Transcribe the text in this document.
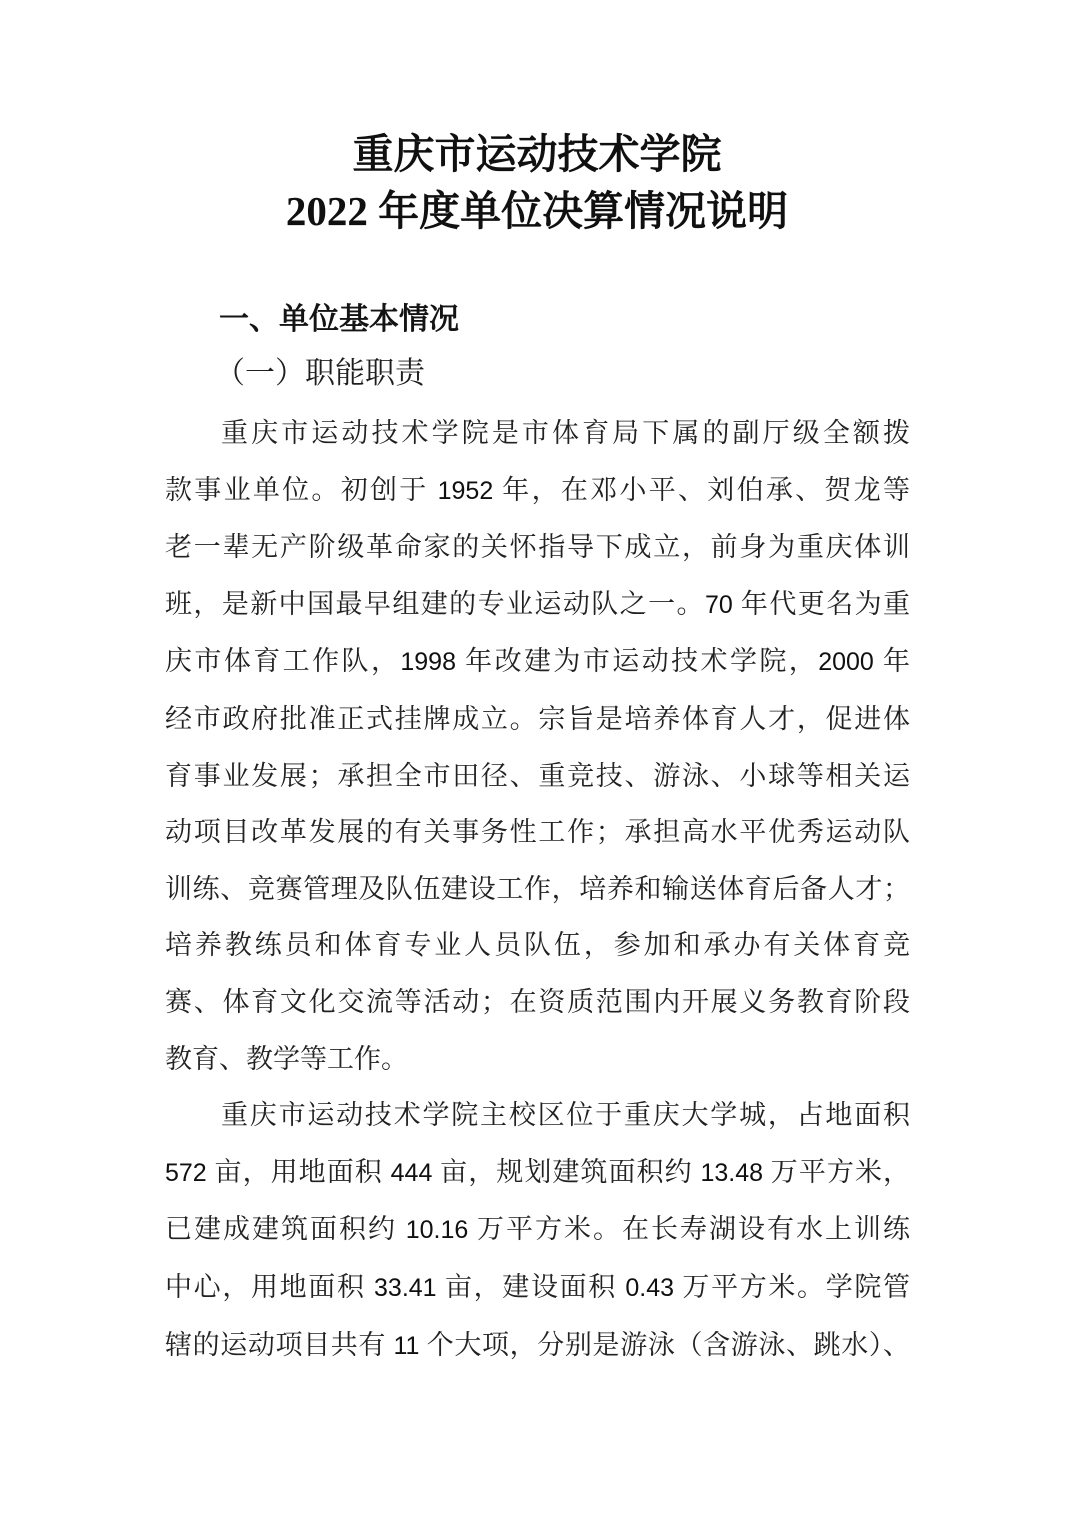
重庆市运动技术学院
2022 年度单位决算情况说明
一、单位基本情况
（一）职能职责
重庆市运动技术学院是市体育局下属的副厅级全额拨
款事业单位。初创于 1952 年，在邓小平、刘伯承、贺龙等
老一辈无产阶级革命家的关怀指导下成立，前身为重庆体训
班，是新中国最早组建的专业运动队之一。70 年代更名为重
庆市体育工作队，1998 年改建为市运动技术学院，2000 年
经市政府批准正式挂牌成立。宗旨是培养体育人才，促进体
育事业发展；承担全市田径、重竞技、游泳、小球等相关运
动项目改革发展的有关事务性工作；承担高水平优秀运动队
训练、竞赛管理及队伍建设工作，培养和输送体育后备人才；
培养教练员和体育专业人员队伍，参加和承办有关体育竞
赛、体育文化交流等活动；在资质范围内开展义务教育阶段
教育、教学等工作。
重庆市运动技术学院主校区位于重庆大学城，占地面积
572 亩，用地面积 444 亩，规划建筑面积约 13.48 万平方米，
已建成建筑面积约 10.16 万平方米。在长寿湖设有水上训练
中心，用地面积 33.41 亩，建设面积 0.43 万平方米。学院管
辖的运动项目共有 11 个大项，分别是游泳（含游泳、跳水）、
